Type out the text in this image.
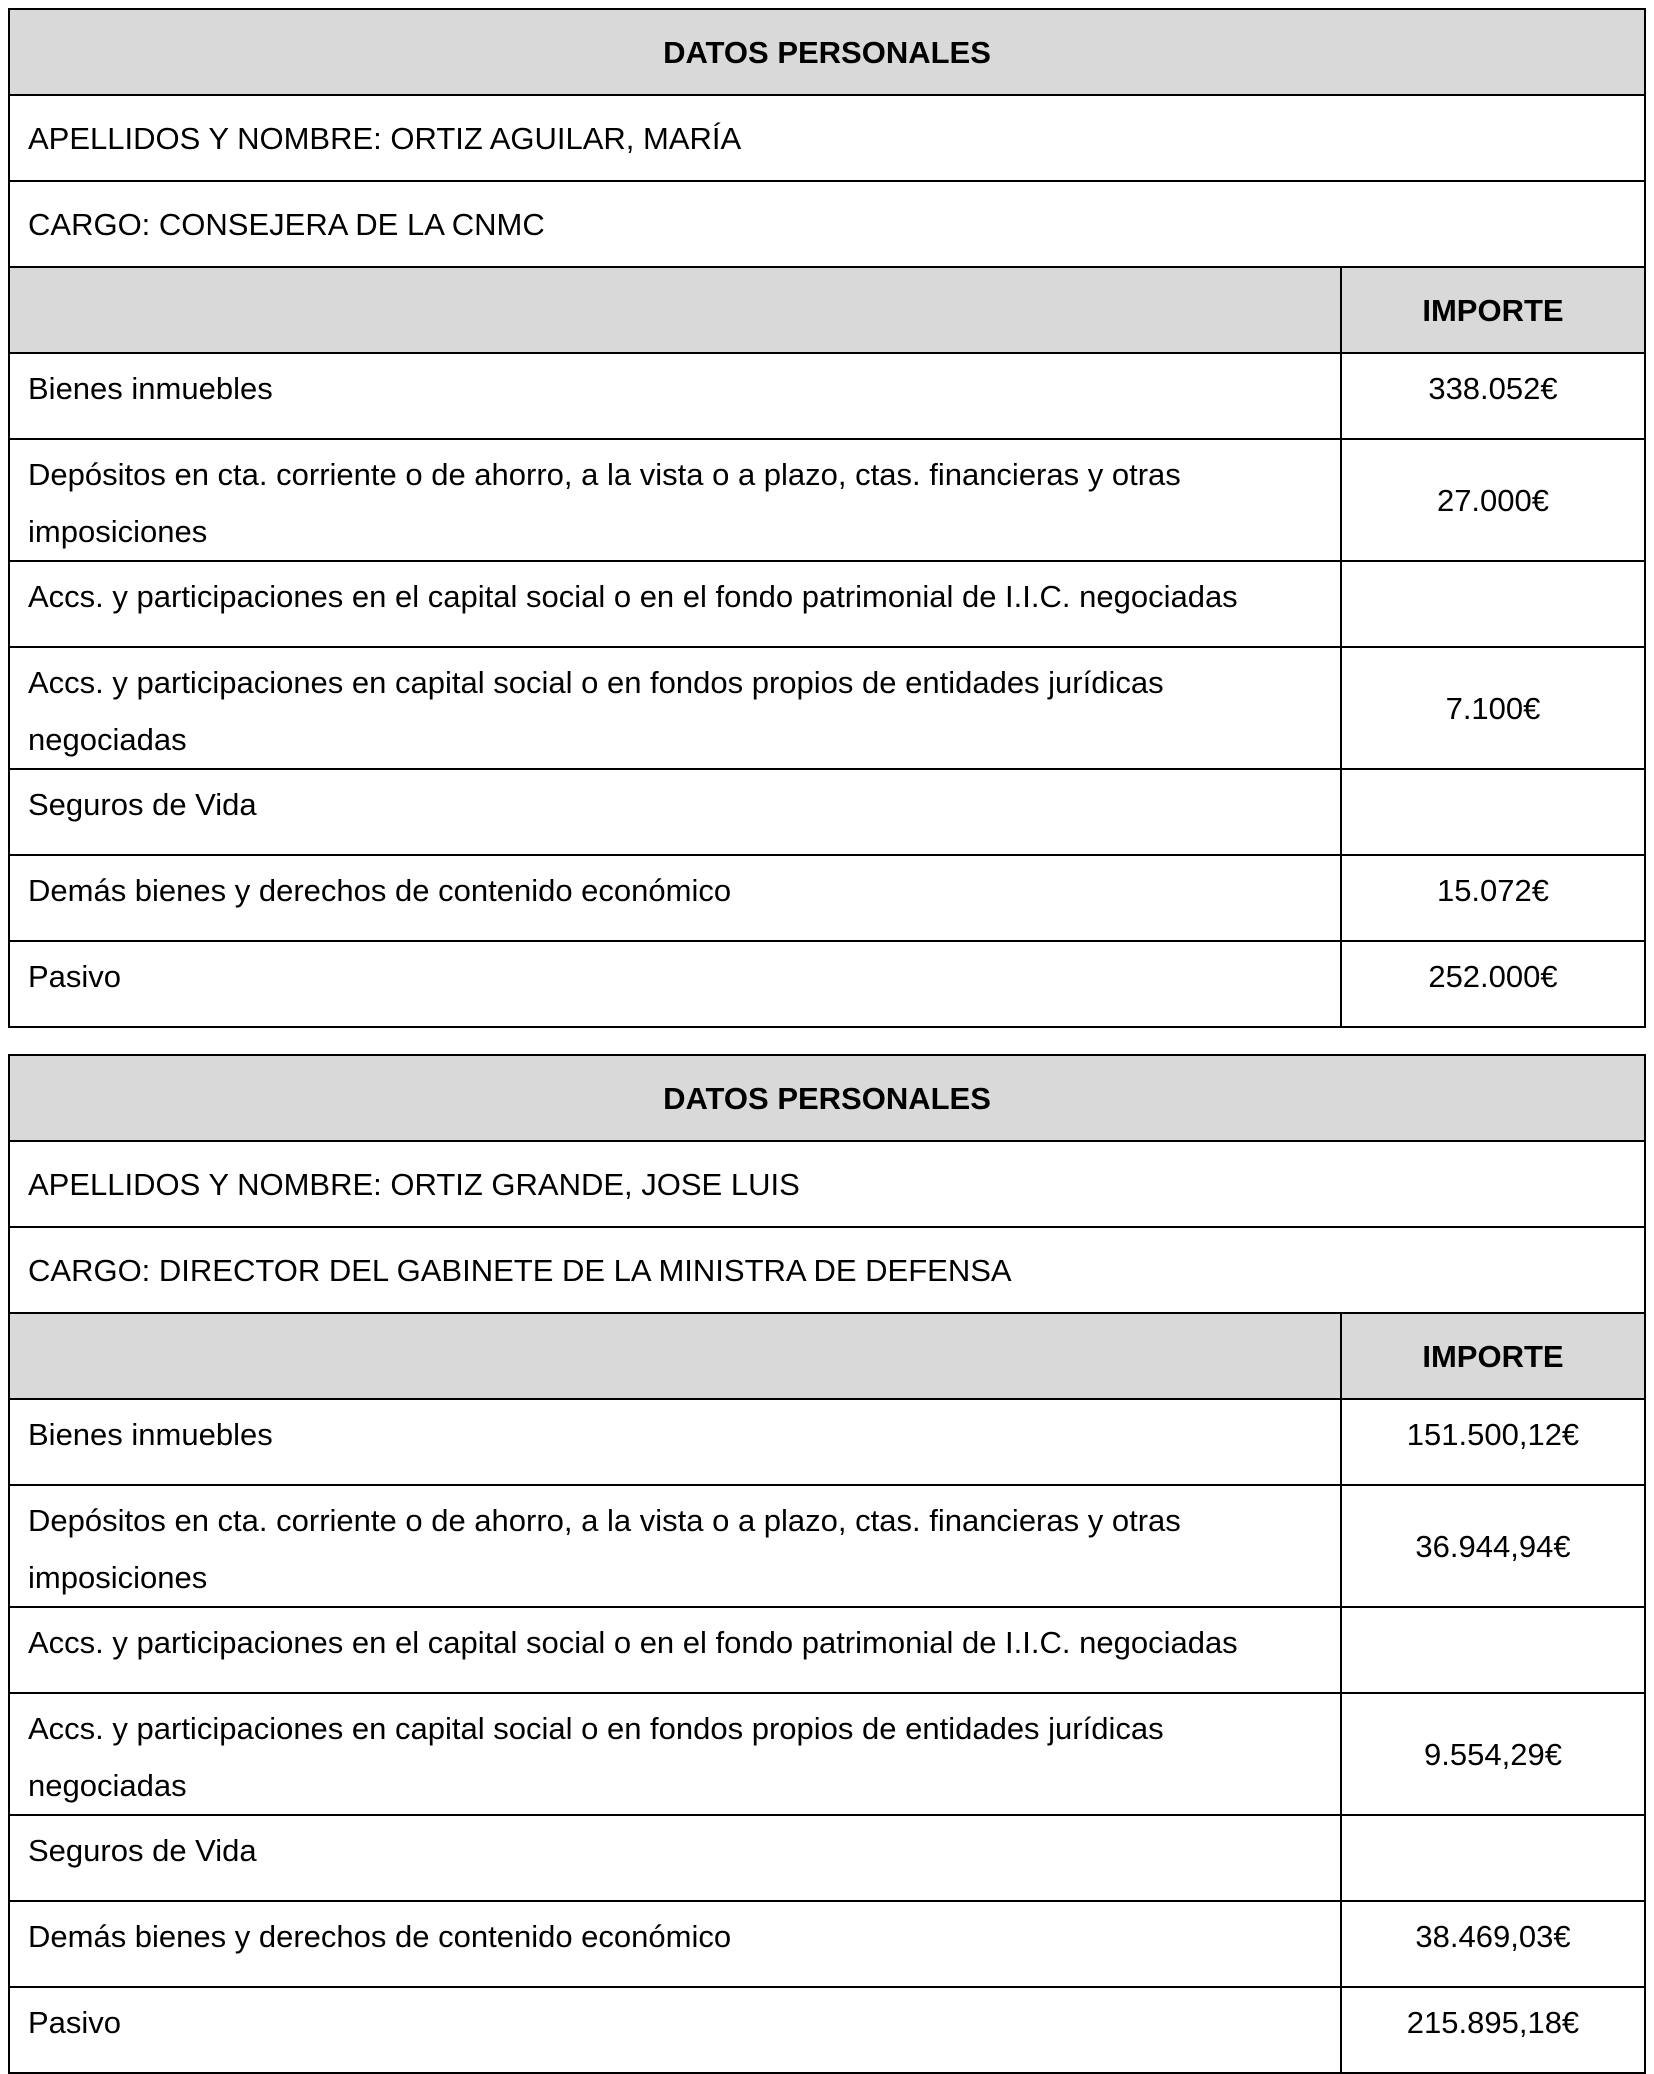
DATOS PERSONALES	
APELLIDOS Y NOMBRE: ORTIZ AGUILAR, MARÍA	
CARGO: CONSEJERA DE LA CNMC	
	IMPORTE
Bienes inmuebles	338.052€
Depósitos en cta. corriente o de ahorro, a la vista o a plazo, ctas. financieras y otras imposiciones	27.000€
Accs. y participaciones en el capital social o en el fondo patrimonial de I.I.C. negociadas	
Accs. y participaciones en capital social o en fondos propios de entidades jurídicas negociadas	7.100€
Seguros de Vida	
Demás bienes y derechos de contenido económico	15.072€
Pasivo	252.000€
DATOS PERSONALES	
APELLIDOS Y NOMBRE: ORTIZ GRANDE, JOSE LUIS	
CARGO: DIRECTOR DEL GABINETE DE LA MINISTRA DE DEFENSA	
	IMPORTE
Bienes inmuebles	151.500,12€
Depósitos en cta. corriente o de ahorro, a la vista o a plazo, ctas. financieras y otras imposiciones	36.944,94€
Accs. y participaciones en el capital social o en el fondo patrimonial de I.I.C. negociadas	
Accs. y participaciones en capital social o en fondos propios de entidades jurídicas negociadas	9.554,29€
Seguros de Vida	
Demás bienes y derechos de contenido económico	38.469,03€
Pasivo	215.895,18€
